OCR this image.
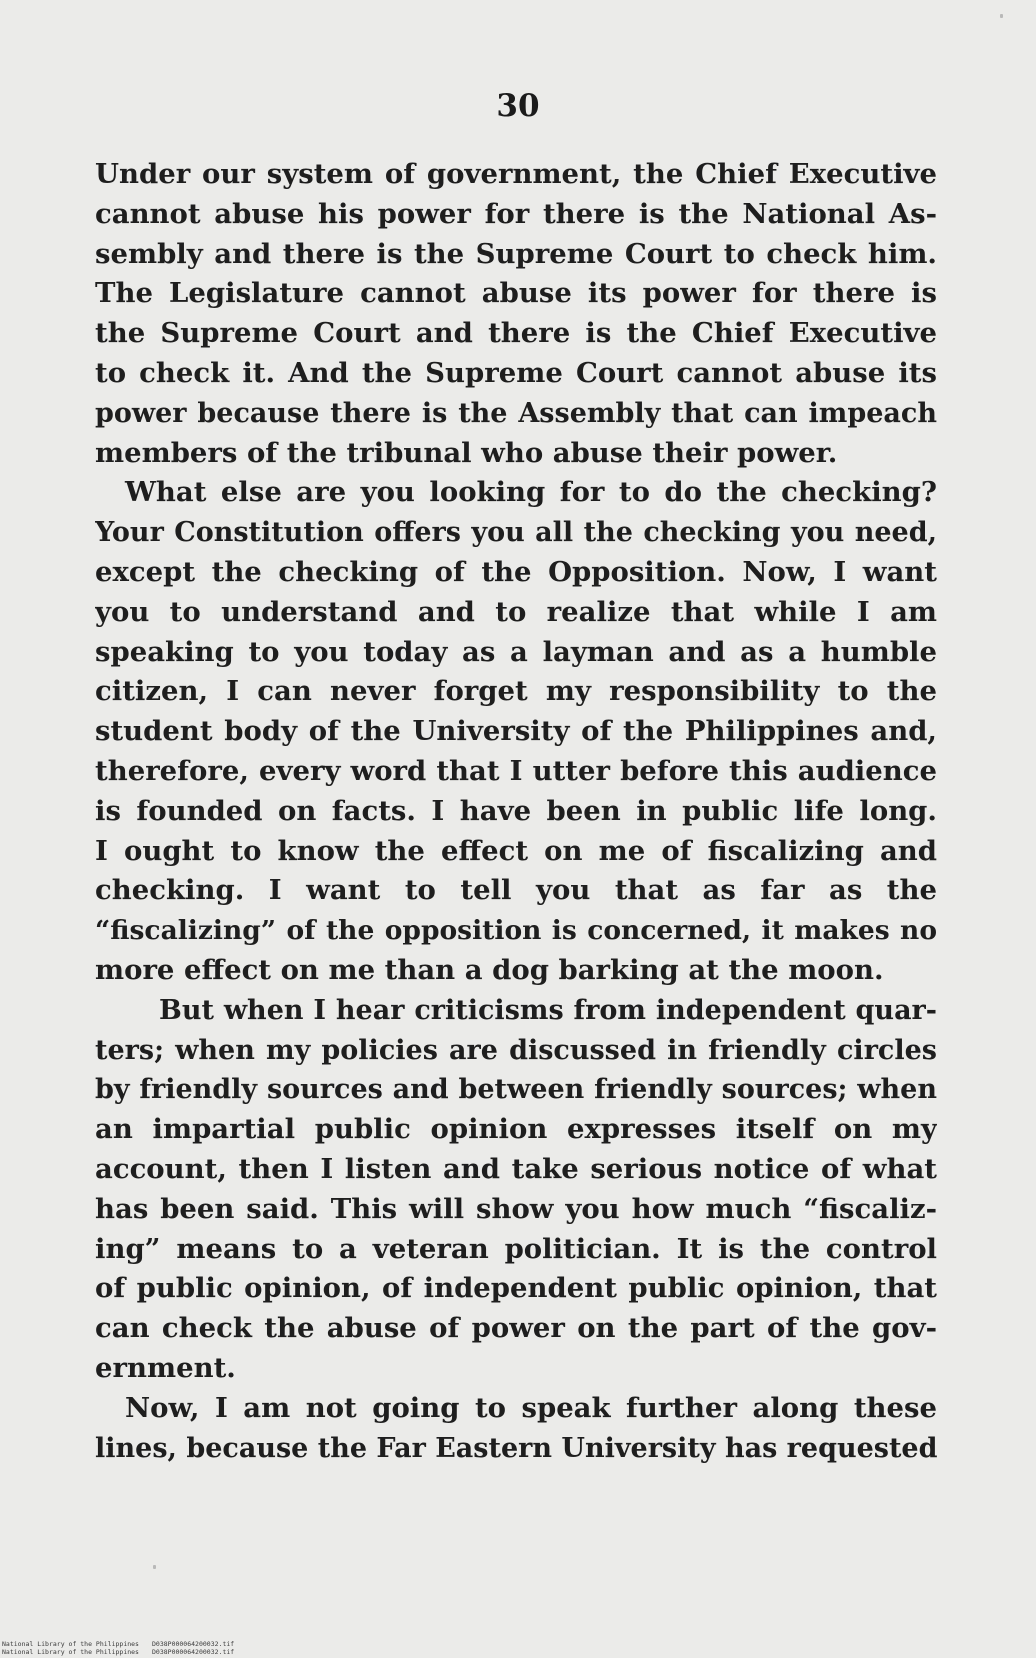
30
Under our system of government, the Chief Executive
cannot abuse his power for there is the National As-
sembly and there is the Supreme Court to check him.
The Legislature cannot abuse its power for there is
the Supreme Court and there is the Chief Executive
to check it. And the Supreme Court cannot abuse its
power because there is the Assembly that can impeach
members of the tribunal who abuse their power.
What else are you looking for to do the checking?
Your Constitution offers you all the checking you need,
except the checking of the Opposition. Now, I want
you to understand and to realize that while I am
speaking to you today as a layman and as a humble
citizen, I can never forget my responsibility to the
student body of the University of the Philippines and,
therefore, every word that I utter before this audience
is founded on facts. I have been in public life long.
I ought to know the effect on me of fiscalizing and
checking. I want to tell you that as far as the
“fiscalizing” of the opposition is concerned, it makes no
more effect on me than a dog barking at the moon.
But when I hear criticisms from independent quar-
ters; when my policies are discussed in friendly circles
by friendly sources and between friendly sources; when
an impartial public opinion expresses itself on my
account, then I listen and take serious notice of what
has been said. This will show you how much “fiscaliz-
ing” means to a veteran politician. It is the control
of public opinion, of independent public opinion, that
can check the abuse of power on the part of the gov-
ernment.
Now, I am not going to speak further along these
lines, because the Far Eastern University has requested
National Library of the Philippines D038P000064200032.tif
National Library of the Philippines D038P000064200032.tif
